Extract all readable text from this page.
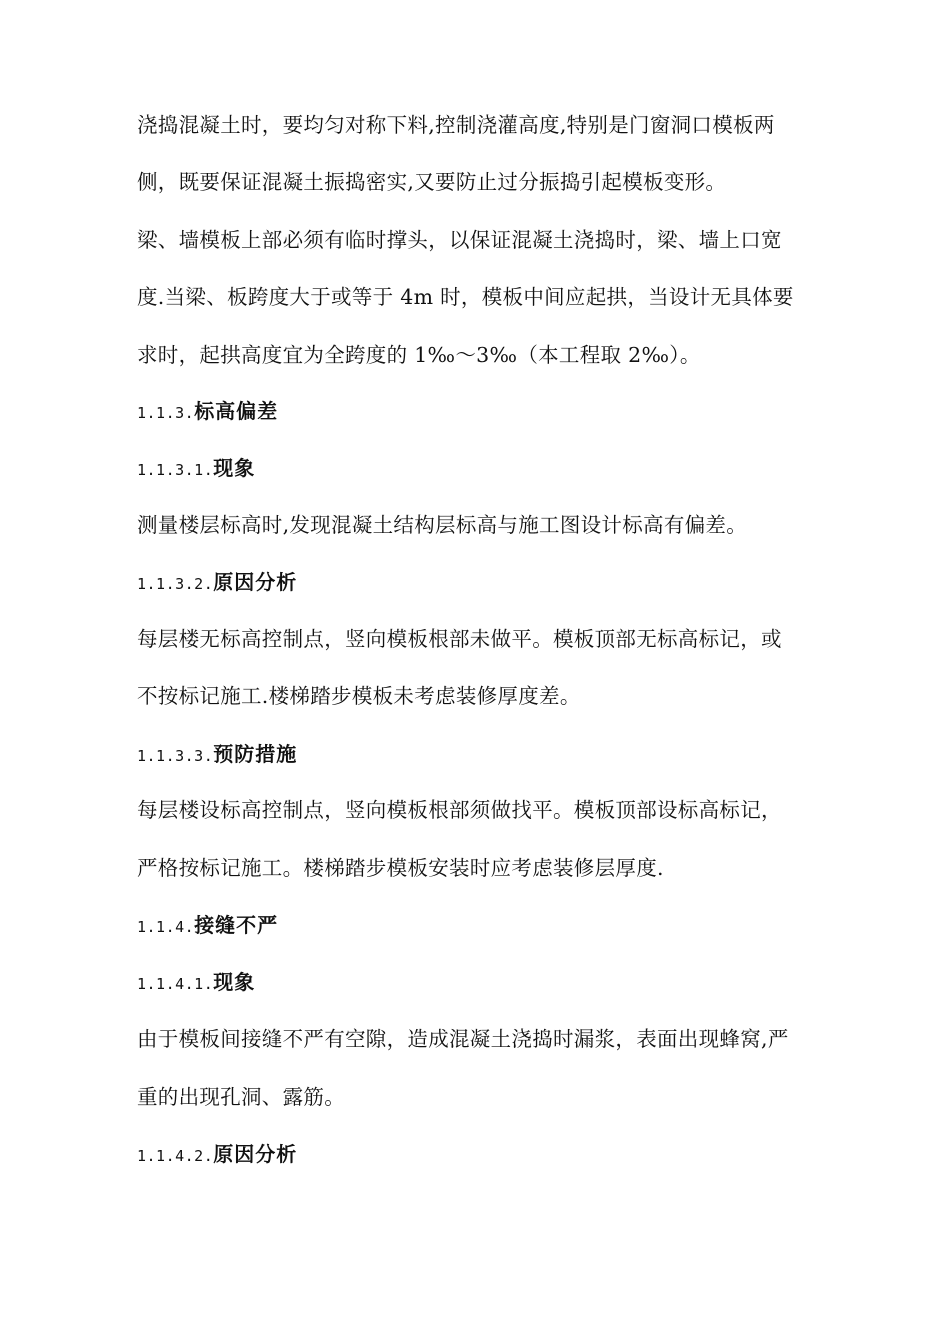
浇捣混凝土时，要均匀对称下料,控制浇灌高度,特别是门窗洞口模板两
侧，既要保证混凝土振捣密实,又要防止过分振捣引起模板变形。
梁、墙模板上部必须有临时撑头，以保证混凝土浇捣时，梁、墙上口宽
度.当梁、板跨度大于或等于 4m 时，模板中间应起拱，当设计无具体要
求时，起拱高度宜为全跨度的 1‰～3‰（本工程取 2‰）。
1.1.3.标高偏差
1.1.3.1.现象
测量楼层标高时,发现混凝土结构层标高与施工图设计标高有偏差。
1.1.3.2.原因分析
每层楼无标高控制点，竖向模板根部未做平。模板顶部无标高标记，或
不按标记施工.楼梯踏步模板未考虑装修厚度差。
1.1.3.3.预防措施
每层楼设标高控制点，竖向模板根部须做找平。模板顶部设标高标记，
严格按标记施工。楼梯踏步模板安装时应考虑装修层厚度.
1.1.4.接缝不严
1.1.4.1.现象
由于模板间接缝不严有空隙，造成混凝土浇捣时漏浆，表面出现蜂窝,严
重的出现孔洞、露筋。
1.1.4.2.原因分析
